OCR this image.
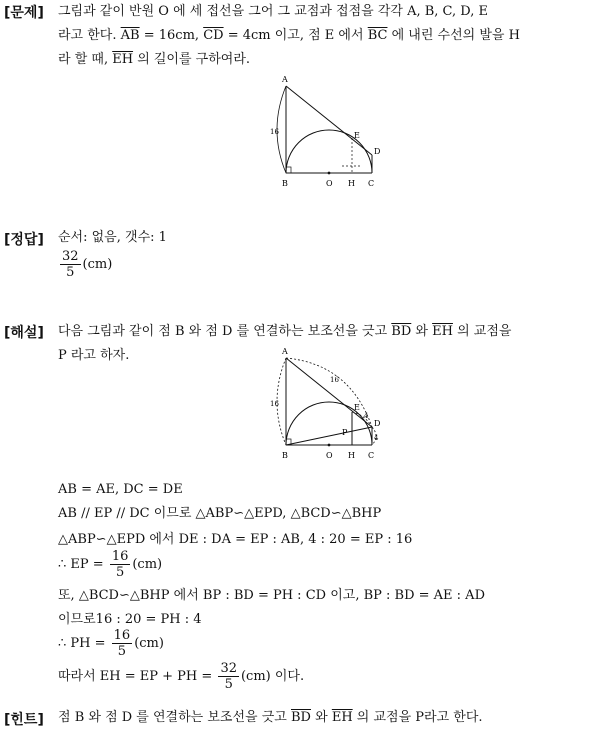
[문제] 그림과 같이 반원 O 에 세 접선을 그어 그 교점과 접점을 각각 A, B, C, D, E
라고 한다. $\overline{AB} = 16cm$, $\overline{CD} = 4cm$ 이고, 점 E 에서 $\overline{BC}$ 에 내린 수선의 발을 H
라 할 때, $\overline{EH}$ 의 길이를 구하여라.
A
B	C
D
E
O H
16
[정답] 순서: 없음, 갯수: 1
$\frac{32}{5} (cm)$
[해설] 다음 그림과 같이 점 B 와 점 D 를 연결하는 보조선을 긋고 $\overline{BD}$ 와 $\overline{EH}$ 의 교점을
P 라고 하자.	A
B	C
D
E
O H
P
16
16
4
4
AB = AE, DC = DE
AB // EP // DC 이므로 △ABP∽△EPD, △BCD∽△BHP
△ABP∽△EPD 에서 DE : DA = EP : AB, 4 : 20 = EP : 16
∴ EP = $\frac{16}{5} (cm)$
또, △BCD∽△BHP 에서 BP : BD = PH : CD 이고, BP : BD = AE : AD
이므로16 : 20 = PH : 4
∴ PH = $\frac{16}{5} (cm)$
따라서 EH = EP + PH = $\frac{32}{5} (cm)$ 이다.
[힌트] 점 B 와 점 D 를 연결하는 보조선을 긋고 $\overline{BD}$ 와 $\overline{EH}$ 의 교점을 P라고 한다.
